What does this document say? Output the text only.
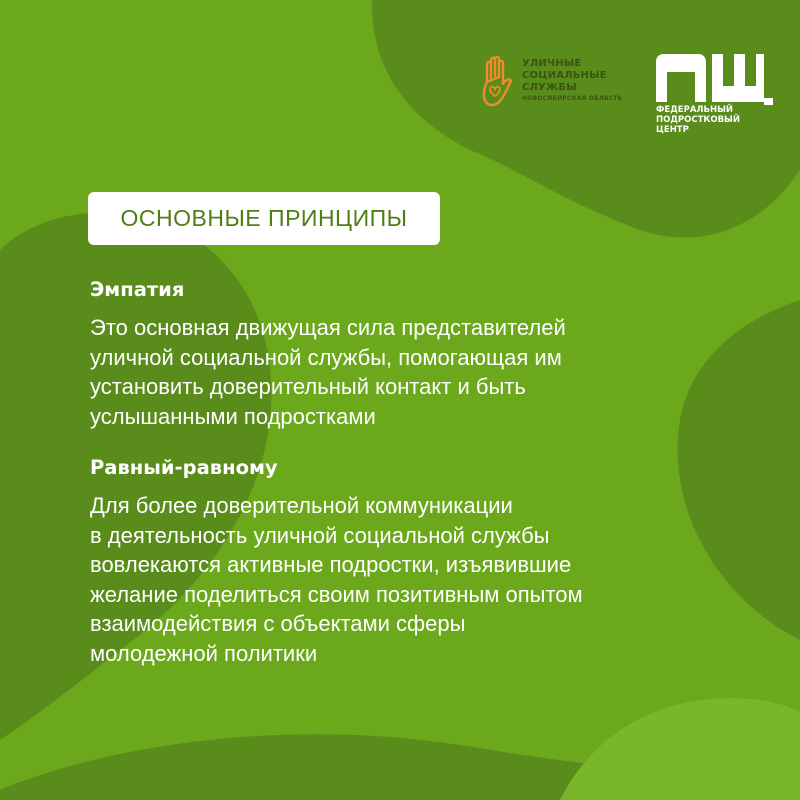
УЛИЧНЫЕ
СОЦИАЛЬНЫЕ
СЛУЖБЫ
НОВОСИБИРСКАЯ ОБЛАСТЬ
ФЕДЕРАЛЬНЫЙ
ПОДРОСТКОВЫЙ
ЦЕНТР
ОСНОВНЫЕ ПРИНЦИПЫ
Эмпатия

Это основная движущая сила представителей
уличной социальной службы, помогающая им
установить доверительный контакт и быть
услышанными подростками

Равный-равному

Для более доверительной коммуникации
в деятельность уличной социальной службы
вовлекаются активные подростки, изъявившие
желание поделиться своим позитивным опытом
взаимодействия с объектами сферы
молодежной политики
